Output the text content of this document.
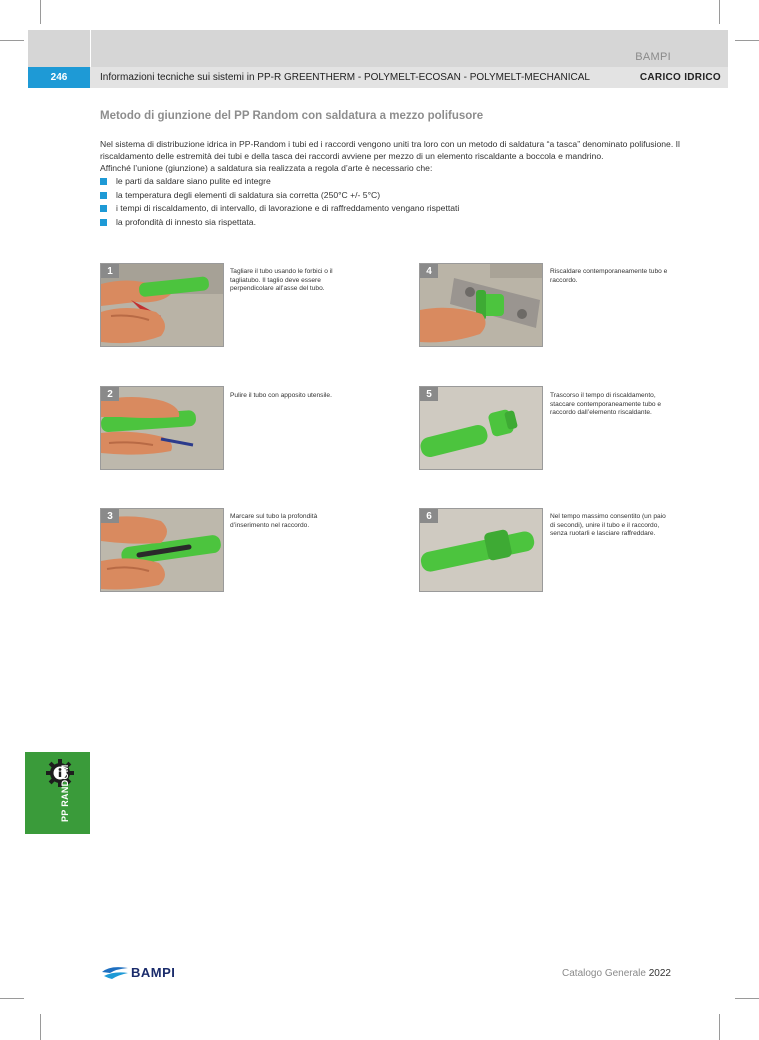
BAMPI
246	Informazioni tecniche sui sistemi in PP-R GREENTHERM - POLYMELT-ECOSAN - POLYMELT-MECHANICAL	CARICO IDRICO
Metodo di giunzione del PP Random con saldatura a mezzo polifusore

Nel sistema di distribuzione idrica in PP-Random i tubi ed i raccordi vengono uniti tra loro con un metodo di saldatura “a tasca” denominato polifusione. Il riscaldamento delle estremità dei tubi e della tasca dei raccordi avviene per mezzo di un elemento riscaldante a boccola e mandrino.

Affinché l’unione (giunzione) a saldatura sia realizzata a regola d’arte è necessario che:

le parti da saldare siano pulite ed integre
la temperatura degli elementi di saldatura sia corretta (250°C +/- 5°C)
i tempi di riscaldamento, di intervallo, di lavorazione e di raffreddamento vengano rispettati
la profondità di innesto sia rispettata.
1	Tagliare il tubo usando le forbici o il tagliatubo. Il taglio deve essere perpendicolare all’asse del tubo.
2	Pulire il tubo con apposito utensile.
3	Marcare sul tubo la profondità d’inserimento nel raccordo.
4	Riscaldare contemporaneamente tubo e raccordo.
5	Trascorso il tempo di riscaldamento, staccare contemporaneamente tubo e raccordo dall’elemento riscaldante.
6	Nel tempo massimo consentito (un paio di secondi), unire il tubo e il raccordo, senza ruotarli e lasciare raffreddare.
PP RANDOM
BAMPI	Catalogo Generale 2022
